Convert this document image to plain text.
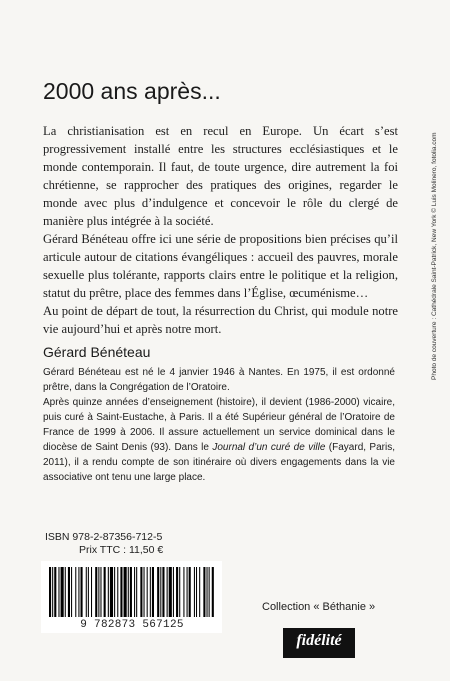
2000 ans après...

La christianisation est en recul en Europe. Un écart s’est progressivement installé entre les structures ecclésiastiques et le monde contemporain. Il faut, de toute urgence, dire autrement la foi chrétienne, se rapprocher des pratiques des origines, regarder le monde avec plus d’indulgence et concevoir le rôle du clergé de manière plus intégrée à la société.

Gérard Bénéteau offre ici une série de propositions bien précises qu’il articule autour de citations évangéliques : accueil des pauvres, morale sexuelle plus tolérante, rapports clairs entre le politique et la religion, statut du prêtre, place des femmes dans l’Église, œcuménisme…

Au point de départ de tout, la résurrection du Christ, qui module notre vie aujourd’hui et après notre mort.

Gérard Bénéteau

Gérard Bénéteau est né le 4 janvier 1946 à Nantes. En 1975, il est ordonné prêtre, dans la Congrégation de l’Oratoire.

Après quinze années d’enseignement (histoire), il devient (1986-2000) vicaire, puis curé à Saint-Eustache, à Paris. Il a été Supérieur général de l’Oratoire de France de 1999 à 2006. Il assure actuellement un service dominical dans le diocèse de Saint Denis (93). Dans le Journal d’un curé de ville (Fayard, Paris, 2011), il a rendu compte de son itinéraire où divers engagements dans la vie associative ont tenu une large place.

ISBN 978-2-87356-712-5
Prix TTC : 11,50 €
9 782873 567125
Collection « Béthanie »
fidélité
Photo de couverture : Cathédrale Saint-Patrick, New York © Luis Molinero, fotolia.com
